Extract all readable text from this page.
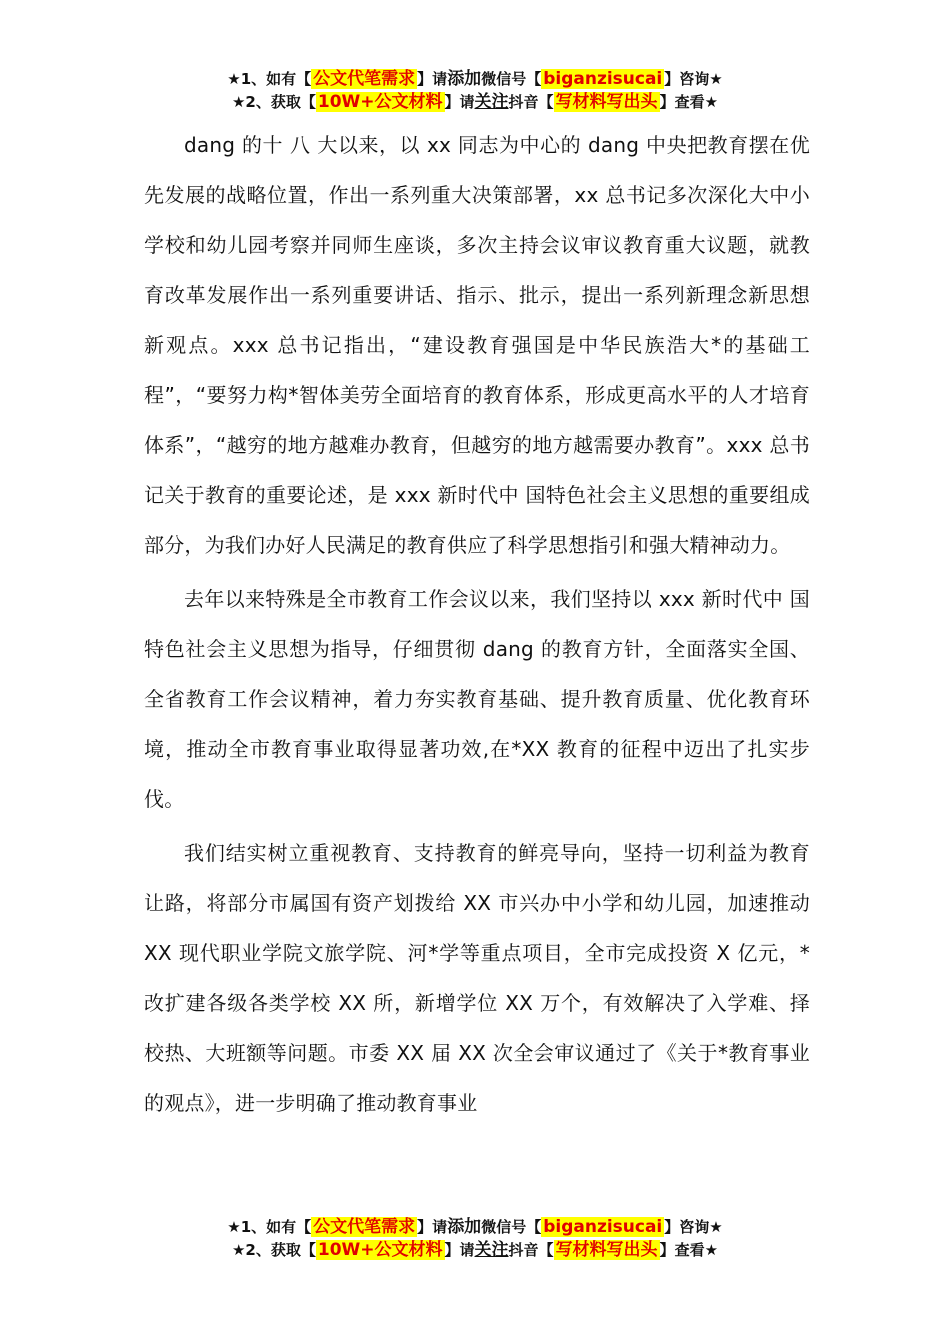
★1、如有【 公文代笔需求 】请添加微信号【 biganzisucai 】咨询★
★2、获取【 10W+公文材料 】请关注抖音【 写材料写出头 】查看★

dang 的十 八 大以来，以 xx 同志为中心的 dang 中央把教育摆在优先发展的战略位置，作出一系列重大决策部署，xx 总书记多次深化大中小学校和幼儿园考察并同师生座谈，多次主持会议审议教育重大议题，就教育改革发展作出一系列重要讲话、指示、批示，提出一系列新理念新思想新观点。xxx 总书记指出，“建设教育强国是中华民族浩大*的基础工程”，“要努力构*智体美劳全面培育的教育体系，形成更高水平的人才培育体系”，“越穷的地方越难办教育，但越穷的地方越需要办教育”。xxx 总书记关于教育的重要论述，是 xxx 新时代中 国特色社会主义思想的重要组成部分，为我们办好人民满足的教育供应了科学思想指引和强大精神动力。

去年以来特殊是全市教育工作会议以来，我们坚持以 xxx 新时代中 国特色社会主义思想为指导，仔细贯彻 dang 的教育方针，全面落实全国、全省教育工作会议精神，着力夯实教育基础、提升教育质量、优化教育环境，推动全市教育事业取得显著功效,在*XX 教育的征程中迈出了扎实步伐。

我们结实树立重视教育、支持教育的鲜亮导向，坚持一切利益为教育让路，将部分市属国有资产划拨给 XX 市兴办中小学和幼儿园，加速推动 XX 现代职业学院文旅学院、河*学等重点项目，全市完成投资 X 亿元，*改扩建各级各类学校 XX 所，新增学位 XX 万个，有效解决了入学难、择校热、大班额等问题。市委 XX 届 XX 次全会审议通过了《关于*教育事业的观点》，进一步明确了推动教育事业

★1、如有【 公文代笔需求 】请添加微信号【 biganzisucai 】咨询★
★2、获取【 10W+公文材料 】请关注抖音【 写材料写出头 】查看★
